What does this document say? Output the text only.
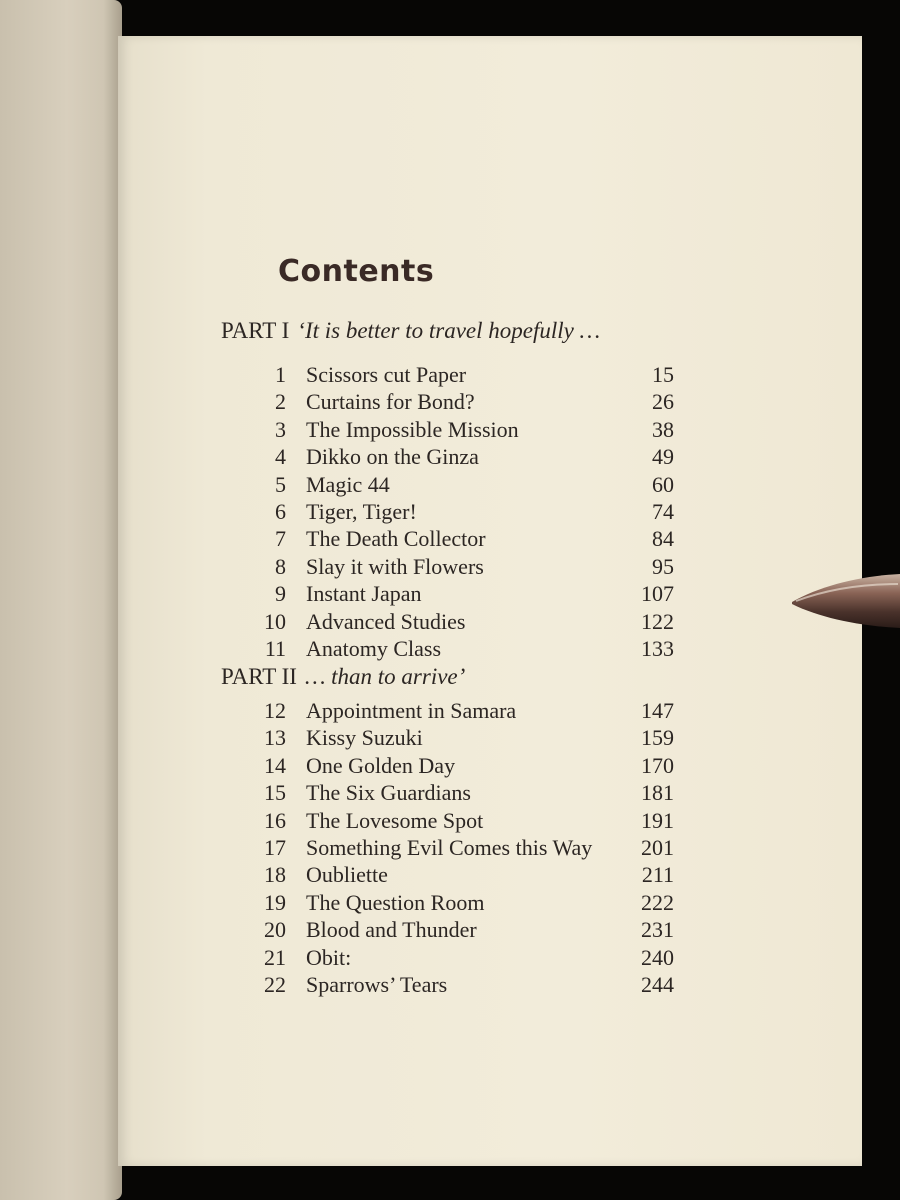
Contents
PART I ‘It is better to travel hopefully …
1 Scissors cut Paper	15
2 Curtains for Bond?	26
3 The Impossible Mission	38
4 Dikko on the Ginza	49
5 Magic 44	60
6 Tiger, Tiger!	74
7 The Death Collector	84
8 Slay it with Flowers	95
9 Instant Japan	107
10 Advanced Studies	122
11 Anatomy Class	133
PART II … than to arrive’
12 Appointment in Samara	147
13 Kissy Suzuki	159
14 One Golden Day	170
15 The Six Guardians	181
16 The Lovesome Spot	191
17 Something Evil Comes this Way 201
18 Oubliette	211
19 The Question Room	222
20 Blood and Thunder	231
21 Obit:	240
22 Sparrows’ Tears	244
